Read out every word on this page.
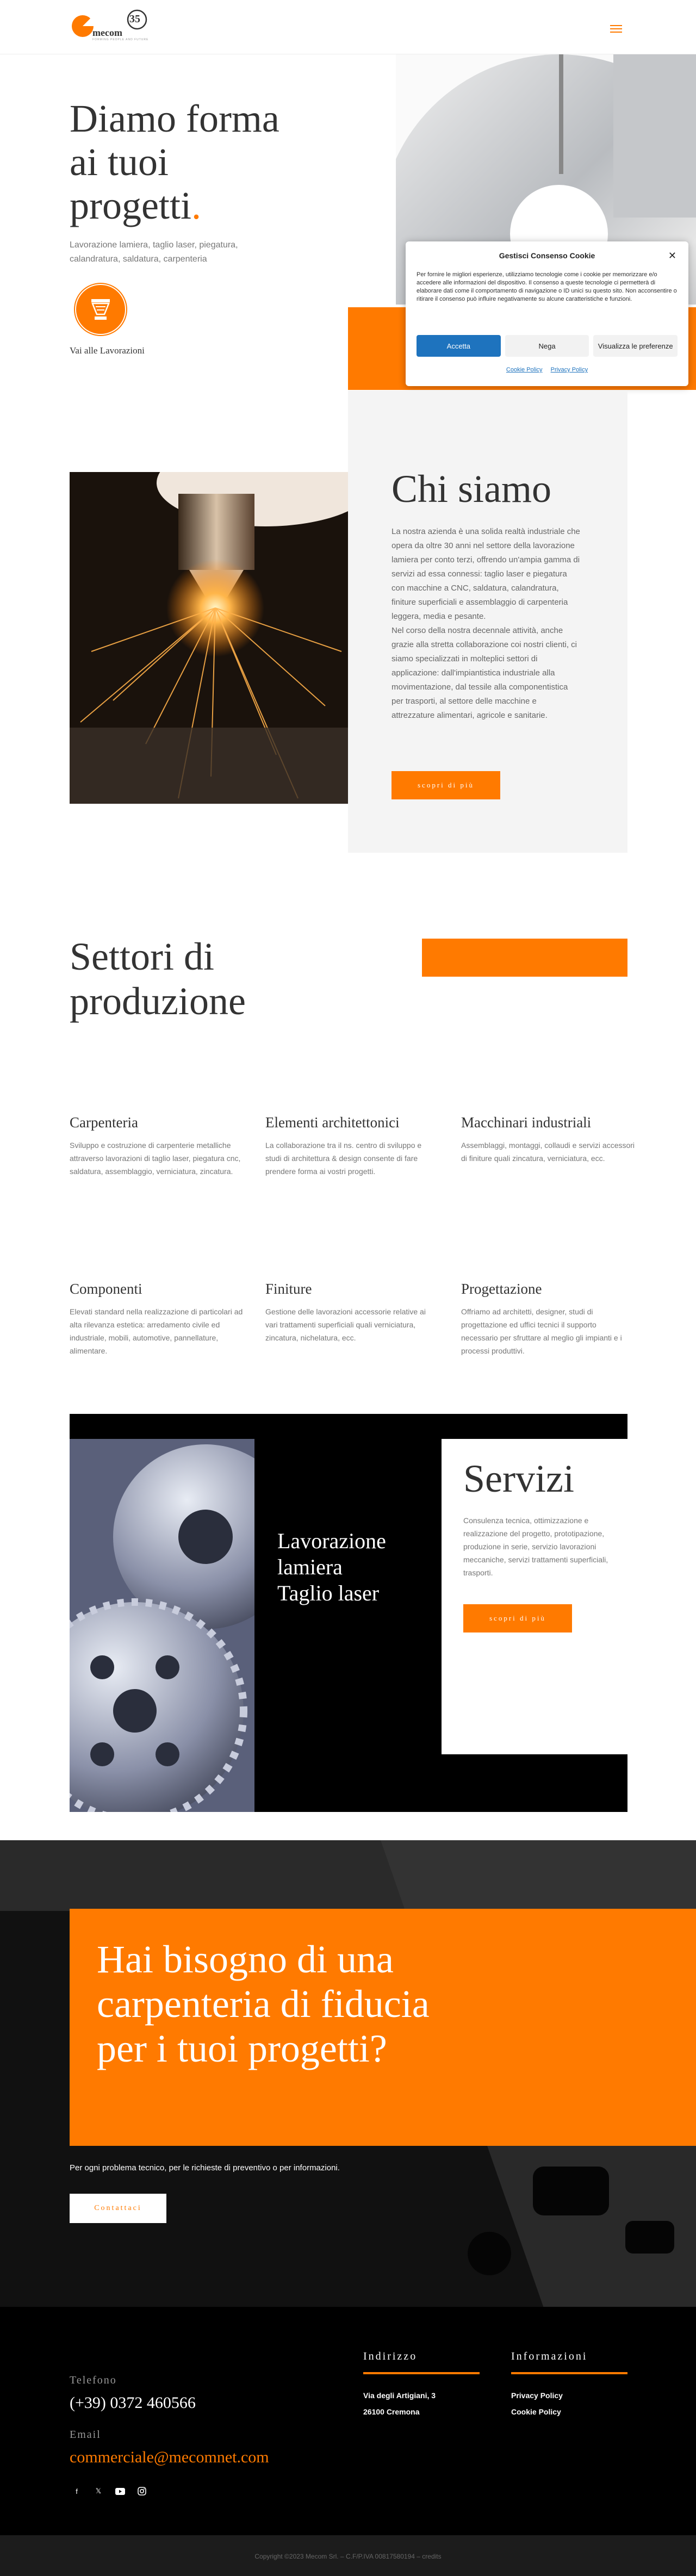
35
mecom
FORMING PEOPLE AND FUTURE
Diamo forma
ai tuoi
progetti.
Lavorazione lamiera, taglio laser, piegatura, calandratura, saldatura, carpenteria
Vai alle Lavorazioni
Gestisci Consenso Cookie	✕
Per fornire le migliori esperienze, utilizziamo tecnologie come i cookie per memorizzare e/o accedere alle informazioni del dispositivo. Il consenso a queste tecnologie ci permetterà di elaborare dati come il comportamento di navigazione o ID unici su questo sito. Non acconsentire o ritirare il consenso può influire negativamente su alcune caratteristiche e funzioni.
Accetta	Nega	Visualizza le preferenze
Cookie Policy Privacy Policy
Chi siamo
La nostra azienda è una solida realtà industriale che opera da oltre 30 anni nel settore della lavorazione lamiera per conto terzi, offrendo un'ampia gamma di servizi ad essa connessi: taglio laser e piegatura con macchine a CNC, saldatura, calandratura, finiture superficiali e assemblaggio di carpenteria leggera, media e pesante.
Nel corso della nostra decennale attività, anche grazie alla stretta collaborazione coi nostri clienti, ci siamo specializzati in molteplici settori di applicazione: dall'impiantistica industriale alla movimentazione, dal tessile alla componentistica per trasporti, al settore delle macchine e attrezzature alimentari, agricole e sanitarie.
scopri di più
Settori di produzione
Carpenteria

Sviluppo e costruzione di carpenterie metalliche attraverso lavorazioni di taglio laser, piegatura cnc, saldatura, assemblaggio, verniciatura, zincatura.

Elementi architettonici

La collaborazione tra il ns. centro di sviluppo e studi di architettura & design consente di fare prendere forma ai vostri progetti.

Macchinari industriali

Assemblaggi, montaggi, collaudi e servizi accessori di finiture quali zincatura, verniciatura, ecc.

Componenti

Elevati standard nella realizzazione di particolari ad alta rilevanza estetica: arredamento civile ed industriale, mobili, automotive, pannellature, alimentare.

Finiture

Gestione delle lavorazioni accessorie relative ai vari trattamenti superficiali quali verniciatura, zincatura, nichelatura, ecc.

Progettazione

Offriamo ad architetti, designer, studi di progettazione ed uffici tecnici il supporto necessario per sfruttare al meglio gli impianti e i processi produttivi.

Lavorazione
lamiera
Taglio laser
Servizi
Consulenza tecnica, ottimizzazione e realizzazione del progetto, prototipazione, produzione in serie, servizio lavorazioni meccaniche, servizi trattamenti superficiali, trasporti.
scopri di più
Hai bisogno di una carpenteria di fiducia per i tuoi progetti?
Per ogni problema tecnico, per le richieste di preventivo o per informazioni.
Contattaci
Telefono
(+39) 0372 460566
Email
commerciale@mecomnet.com
Indirizzo
Via degli Artigiani, 3
26100 Cremona
Informazioni
Privacy Policy
Cookie Policy
f	𝕏
Copyright ©2023 Mecom Srl. – C.F/P.IVA 00817580194 – credits
